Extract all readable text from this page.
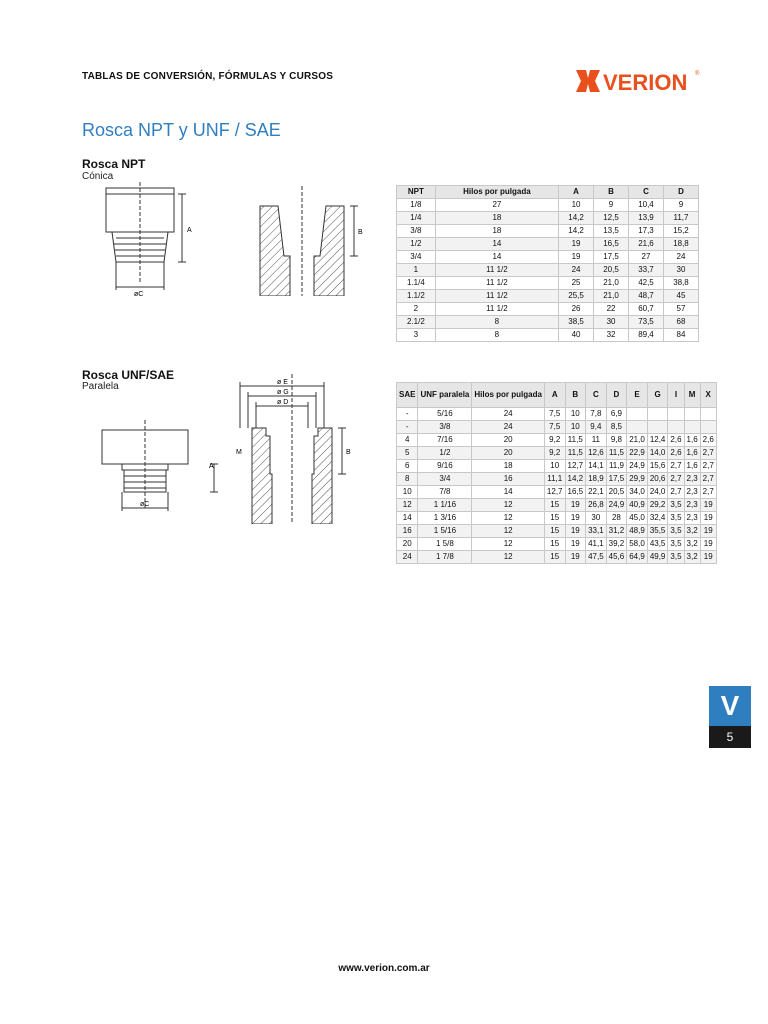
TABLAS DE CONVERSIÓN, FÓRMULAS Y CURSOS	VERION ®
Rosca NPT y UNF / SAE
Rosca NPT
Cónica
A
øC
B
NPT	Hilos por pulgada	A	B	C	D
1/8	27	10	9	10,4	9
1/4	18	14,2	12,5	13,9	11,7
3/8	18	14,2	13,5	17,3	15,2
1/2	14	19	16,5	21,6	18,8
3/4	14	19	17,5	27	24
1	11 1/2	24	20,5	33,7	30
1.1/4	11 1/2	25	21,0	42,5	38,8
1.1/2	11 1/2	25,5	21,0	48,7	45
2	11 1/2	26	22	60,7	57
2.1/2	8	38,5	30	73,5	68
3	8	40	32	89,4	84
Rosca UNF/SAE
Paralela
A
øC
ø E
ø G
ø D
M	B
SAE	UNF paralela	Hilos por pulgada	A	B	C	D	E	G	I	M	X
-	5/16	24	7,5	10	7,8	6,9					
-	3/8	24	7,5	10	9,4	8,5					
4	7/16	20	9,2	11,5	11	9,8	21,0	12,4	2,6	1,6	2,6
5	1/2	20	9,2	11,5	12,6	11,5	22,9	14,0	2,6	1,6	2,7
6	9/16	18	10	12,7	14,1	11,9	24,9	15,6	2,7	1,6	2,7
8	3/4	16	11,1	14,2	18,9	17,5	29,9	20,6	2,7	2,3	2,7
10	7/8	14	12,7	16,5	22,1	20,5	34,0	24,0	2,7	2,3	2,7
12	1 1/16	12	15	19	26,8	24,9	40,9	29,2	3,5	2,3	19
14	1 3/16	12	15	19	30	28	45,0	32,4	3,5	2,3	19
16	1 5/16	12	15	19	33,1	31,2	48,9	35,5	3,5	3,2	19
20	1 5/8	12	15	19	41,1	39,2	58,0	43,5	3,5	3,2	19
24	1 7/8	12	15	19	47,5	45,6	64,9	49,9	3,5	3,2	19
V
5
www.verion.com.ar
